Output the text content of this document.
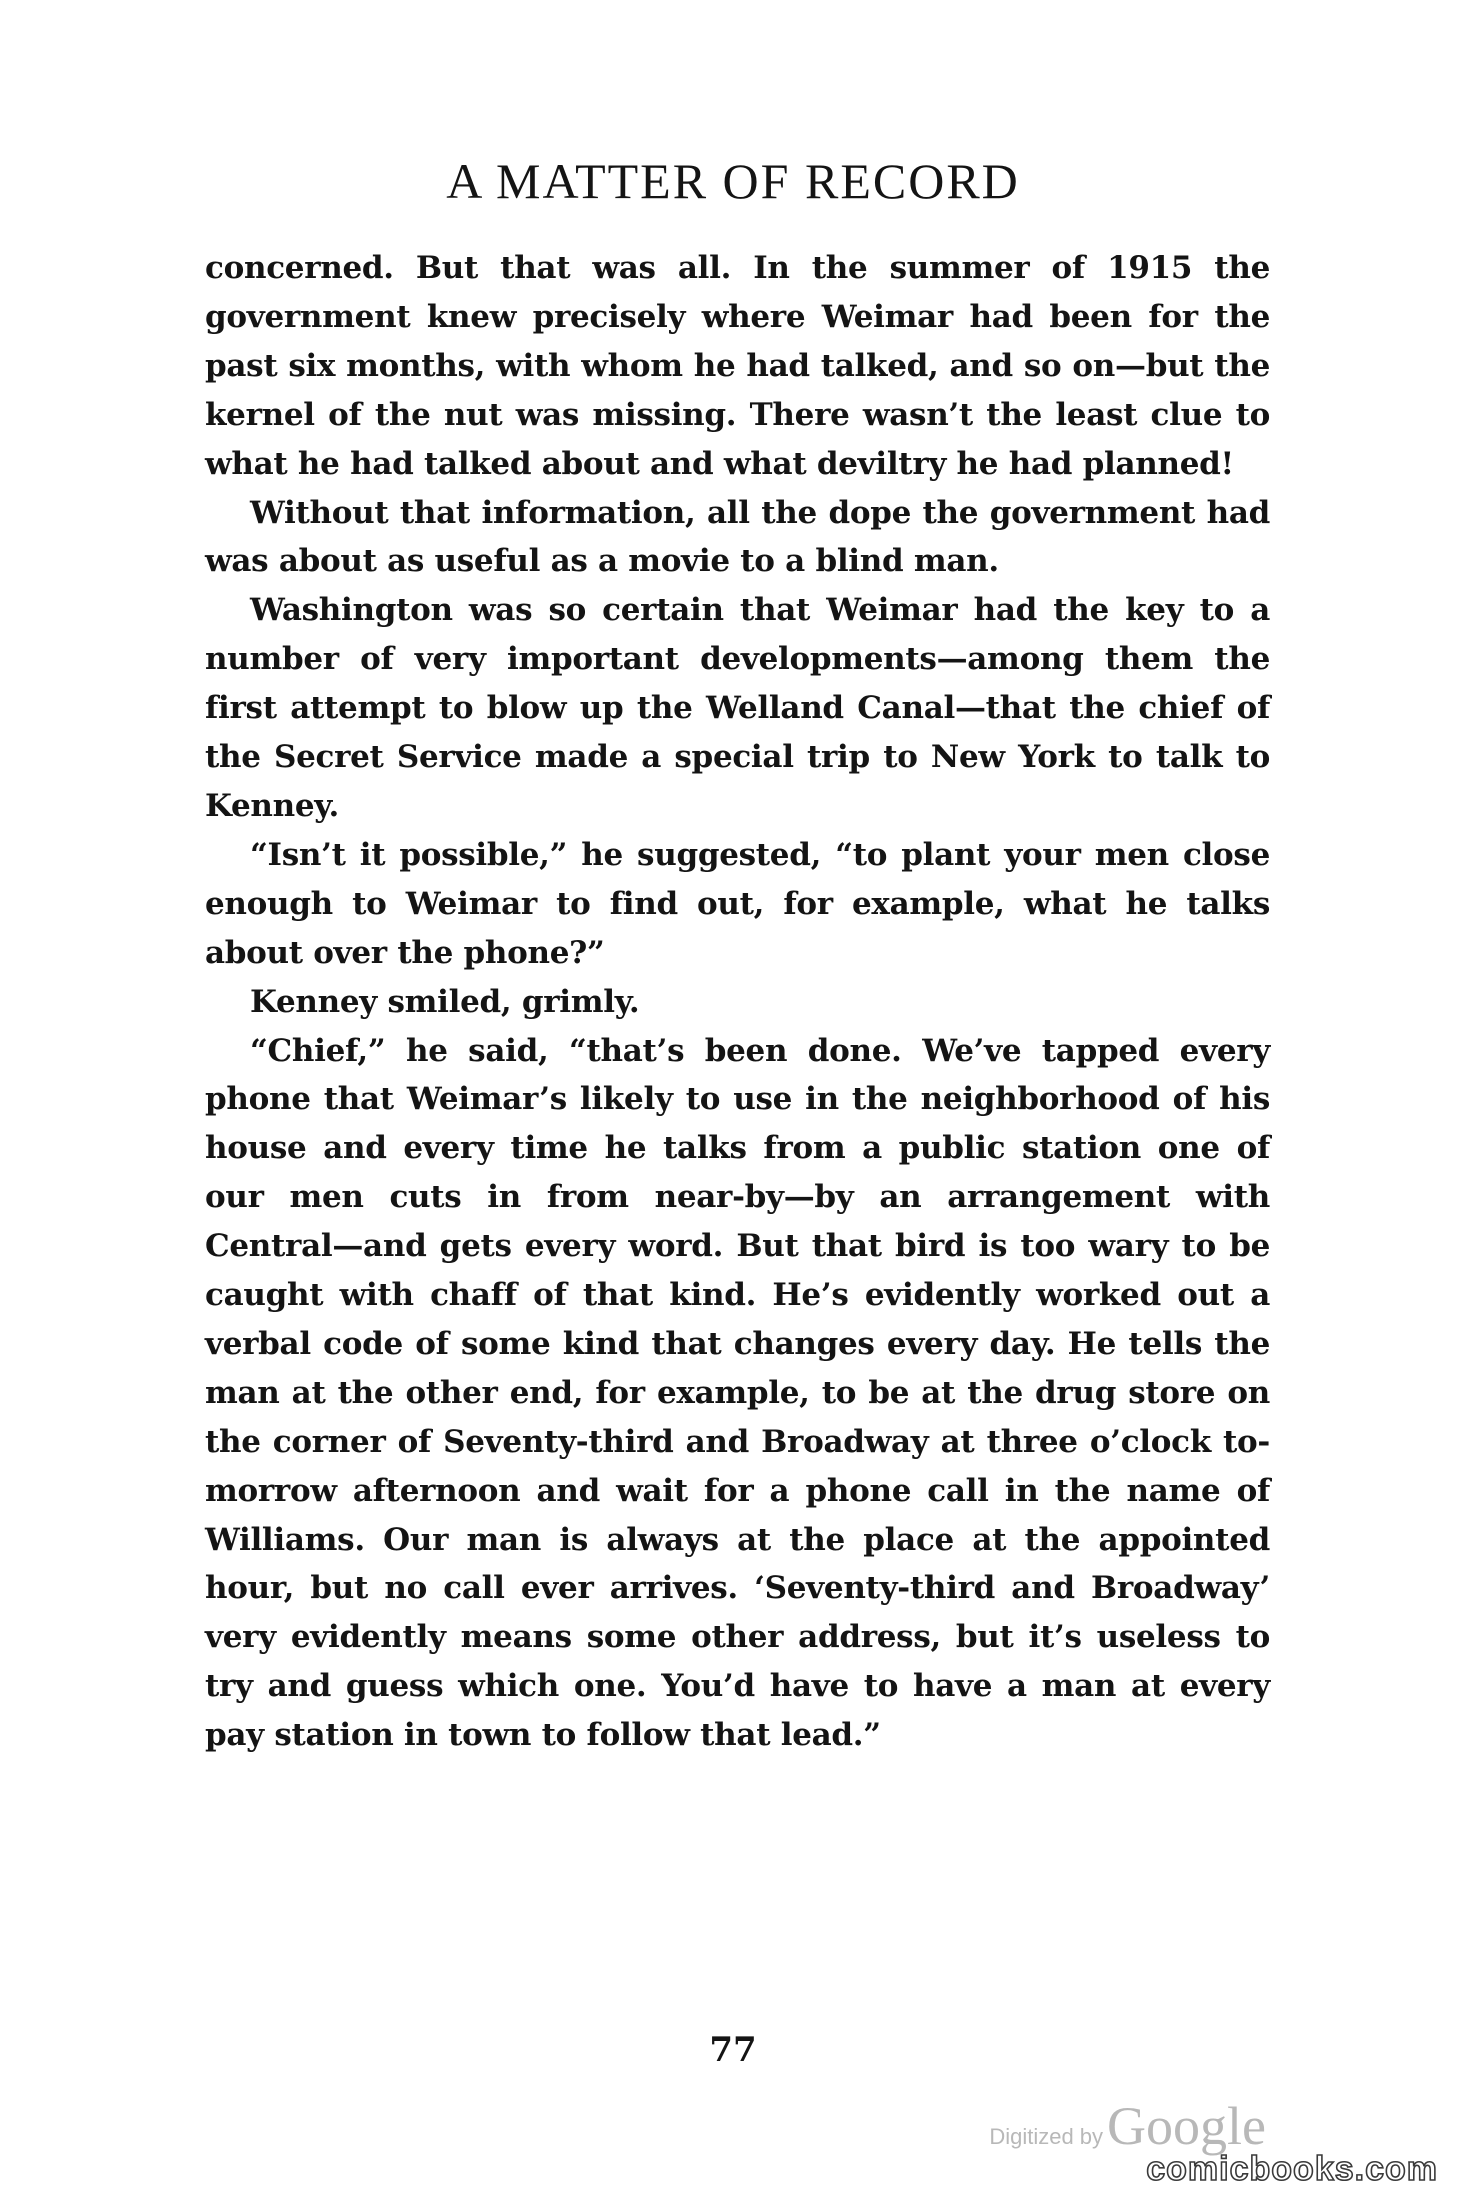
A MATTER OF RECORD

concerned. But that was all. In the summer of 1915 the government knew precisely where Weimar had been for the past six months, with whom he had talked, and so on—but the kernel of the nut was missing. There wasn’t the least clue to what he had talked about and what deviltry he had planned!

Without that information, all the dope the government had was about as useful as a movie to a blind man.

Washington was so certain that Weimar had the key to a number of very important developments—among them the first attempt to blow up the Welland Canal—that the chief of the Secret Service made a special trip to New York to talk to Kenney.

“Isn’t it possible,” he suggested, “to plant your men close enough to Weimar to find out, for example, what he talks about over the phone?”

Kenney smiled, grimly.

“Chief,” he said, “that’s been done. We’ve tapped every phone that Weimar’s likely to use in the neighborhood of his house and every time he talks from a public station one of our men cuts in from near-by—by an arrangement with Central—and gets every word. But that bird is too wary to be caught with chaff of that kind. He’s evidently worked out a verbal code of some kind that changes every day. He tells the man at the other end, for example, to be at the drug store on the corner of Seventy-third and Broadway at three o’clock to-morrow afternoon and wait for a phone call in the name of Williams. Our man is always at the place at the appointed hour, but no call ever arrives. ‘Seventy-third and Broadway’ very evidently means some other address, but it’s useless to try and guess which one. You’d have to have a man at every pay station in town to follow that lead.”

77
Digitized by Google
comicbooks.com
